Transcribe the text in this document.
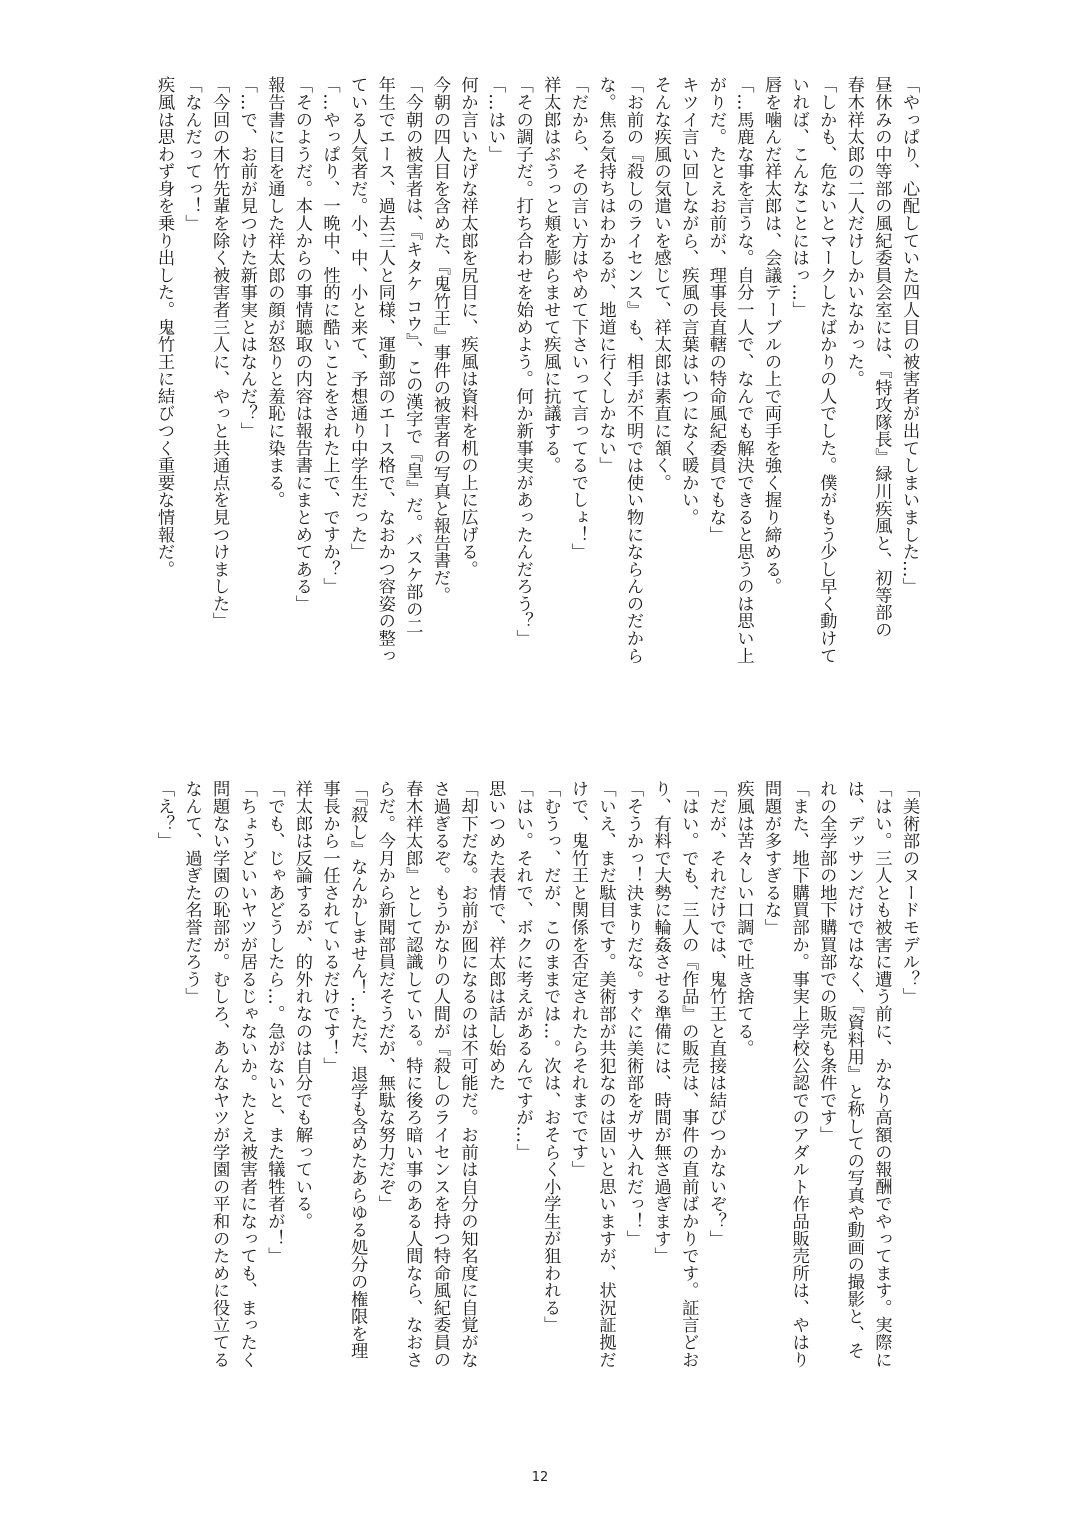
「やっぱり、心配していた四人目の被害者が出てしまいました…」
昼休みの中等部の風紀委員会室には、『特攻隊長』緑川疾風と、初等部の
春木祥太郎の二人だけしかいなかった。
「しかも、危ないとマークしたばかりの人でした。僕がもう少し早く動けて
いれば、こんなことにはっ…」
唇を噛んだ祥太郎は、会議テーブルの上で両手を強く握り締める。
「…馬鹿な事を言うな。自分一人で、なんでも解決できると思うのは思い上
がりだ。たとえお前が、理事長直轄の特命風紀委員でもな」
キツイ言い回しながら、疾風の言葉はいつになく暖かい。
そんな疾風の気遣いを感じて、祥太郎は素直に頷く。
「お前の『殺しのライセンス』も、相手が不明では使い物にならんのだから
な。焦る気持ちはわかるが、地道に行くしかない」
「だから、その言い方はやめて下さいって言ってるでしょ！」
祥太郎はぷうっと頬を膨らませて疾風に抗議する。
「その調子だ。打ち合わせを始めよう。何か新事実があったんだろう？」
「…はい」
何か言いたげな祥太郎を尻目に、疾風は資料を机の上に広げる。
今朝の四人目を含めた、『鬼竹王』事件の被害者の写真と報告書だ。
「今朝の被害者は、『キタケ コウ』、この漢字で『皇』だ。バスケ部の二
年生でエース、過去三人と同様、運動部のエース格で、なおかつ容姿の整っ
ている人気者だ。小、中、小と来て、予想通り中学生だった」
「…やっぱり、一晩中、性的に酷いことをされた上で、ですか？」
「そのようだ。本人からの事情聴取の内容は報告書にまとめてある」
報告書に目を通した祥太郎の顔が怒りと羞恥に染まる。
「…で、お前が見つけた新事実とはなんだ？」
「今回の木竹先輩を除く被害者三人に、やっと共通点を見つけました」
「なんだってっ！」
疾風は思わず身を乗り出した。鬼竹王に結びつく重要な情報だ。
「美術部のヌードモデル？」
「はい。三人とも被害に遭う前に、かなり高額の報酬でやってます。実際に
は、デッサンだけではなく、『資料用』と称しての写真や動画の撮影と、そ
れの全学部の地下購買部での販売も条件です」
「また、地下購買部か。事実上学校公認でのアダルト作品販売所は、やはり
問題が多すぎるな」
疾風は苦々しい口調で吐き捨てる。
「だが、それだけでは、鬼竹王と直接は結びつかないぞ？」
「はい。でも、三人の『作品』の販売は、事件の直前ばかりです。証言どお
り、有料で大勢に輪姦させる準備には、時間が無さ過ぎます」
「そうかっ！決まりだな。すぐに美術部をガサ入れだっ！」
「いえ、まだ駄目です。美術部が共犯なのは固いと思いますが、状況証拠だ
けで、鬼竹王と関係を否定されたらそれまでです」
「むうっ、だが、このままでは…。次は、おそらく小学生が狙われる」
「はい。それで、ボクに考えがあるんですが…」
思いつめた表情で、祥太郎は話し始めた
「却下だな。お前が囮になるのは不可能だ。お前は自分の知名度に自覚がな
さ過ぎるぞ。もうかなりの人間が『殺しのライセンスを持つ特命風紀委員の
春木祥太郎』として認識している。特に後ろ暗い事のある人間なら、なおさ
らだ。今月から新聞部員だそうだが、無駄な努力だぞ」
「『殺し』なんかしません！…ただ、退学も含めたあらゆる処分の権限を理
事長から一任されているだけです！」
祥太郎は反論するが、的外れなのは自分でも解っている。
「でも、じゃあどうしたら…。急がないと、また犠牲者が！」
「ちょうどいいヤツが居るじゃないか。たとえ被害者になっても、まったく
問題ない学園の恥部が。むしろ、あんなヤツが学園の平和のために役立てる
なんて、過ぎた名誉だろう」
「え？」
12
